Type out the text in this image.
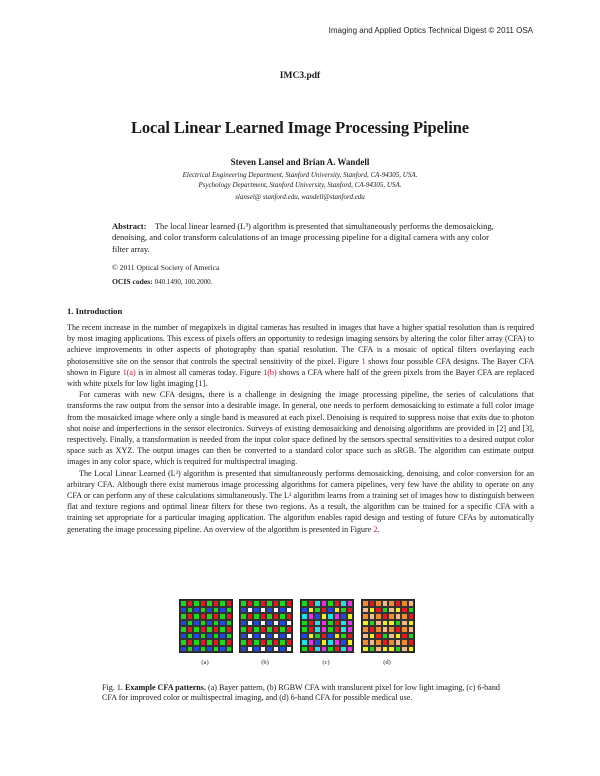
Imaging and Applied Optics Technical Digest © 2011 OSA
IMC3.pdf
Local Linear Learned Image Processing Pipeline
Steven Lansel and Brian A. Wandell
Electrical Engineering Department, Stanford University, Stanford, CA-94305, USA.
Psychology Department, Stanford University, Stanford, CA-94305, USA.
slansel@ stanford.edu, wandell@stanford.edu
Abstract: The local linear learned (L³) algorithm is presented that simultaneously performs the demosaicking, denoising, and color transform calculations of an image processing pipeline for a digital camera with any color filter array.
© 2011 Optical Society of America
OCIS codes: 040.1490, 100.2000.
1. Introduction

The recent increase in the number of megapixels in digital cameras has resulted in images that have a higher spatial resolution than is required by most imaging applications. This excess of pixels offers an opportunity to redesign imaging sensors by altering the color filter array (CFA) to achieve improvements in other aspects of photography than spatial resolution. The CFA is a mosaic of optical filters overlaying each photosensitive site on the sensor that controls the spectral sensitivity of the pixel. Figure 1 shows four possible CFA designs. The Bayer CFA shown in Figure 1(a) is in almost all cameras today. Figure 1(b) shows a CFA where half of the green pixels from the Bayer CFA are replaced with white pixels for low light imaging [1].

For cameras with new CFA designs, there is a challenge in designing the image processing pipeline, the series of calculations that transforms the raw output from the sensor into a desirable image. In general, one needs to perform demosaicking to estimate a full color image from the mosaicked image where only a single band is measured at each pixel. Denoising is required to suppress noise that exits due to photon shot noise and imperfections in the sensor electronics. Surveys of existing demosaicking and denoising algorithms are provided in [2] and [3], respectively. Finally, a transformation is needed from the input color space defined by the sensors spectral sensitivities to a desired output color space such as XYZ. The output images can then be converted to a standard color space such as sRGB. The algorithm can estimate output images in any color space, which is required for multispectral imaging.

The Local Linear Learned (L³) algorithm is presented that simultaneously performs demosaicking, denoising, and color conversion for an arbitrary CFA. Although there exist numerous image processing algorithms for camera pipelines, very few have the ability to operate on any CFA or can perform any of these calculations simultaneously. The L³ algorithm learns from a training set of images how to distinguish between flat and texture regions and optimal linear filters for these two regions. As a result, the algorithm can be trained for a specific CFA with a training set appropriate for a particular imaging application. The algorithm enables rapid design and testing of future CFAs by automatically generating the image processing pipeline. An overview of the algorithm is presented in Figure 2.

(a)	(b)	(c)	(d)
Fig. 1. Example CFA patterns. (a) Bayer pattern, (b) RGBW CFA with translucent pixel for low light imaging, (c) 6-band CFA for improved color or multispectral imaging, and (d) 6-band CFA for possible medical use.
